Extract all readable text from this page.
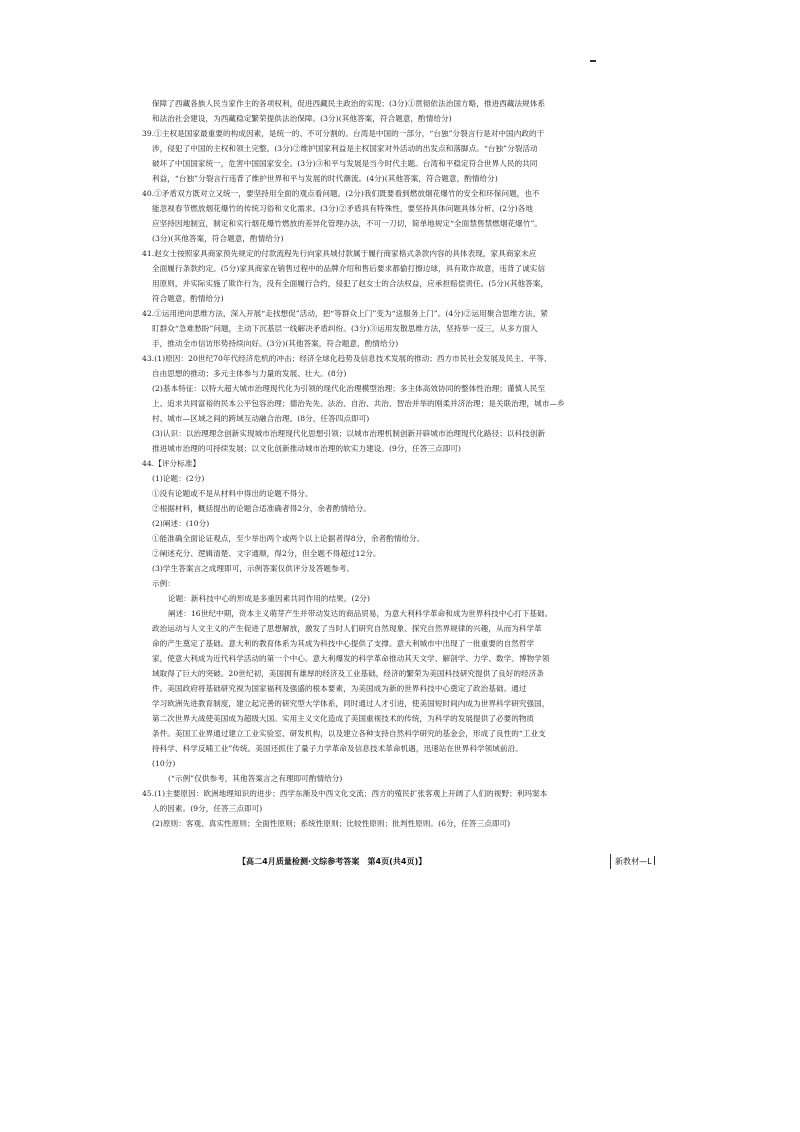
保障了西藏各族人民当家作主的各项权利，促进西藏民主政治的实现；(3分)①贯彻依法治国方略，推进西藏法规体系

和法治社会建设，为西藏稳定繁荣提供法治保障。(3分)(其他答案，符合题意，酌情给分)

39.①主权是国家最重要的构成因素，是统一的、不可分割的。台湾是中国的一部分，“台独”分裂言行是对中国内政的干

涉，侵犯了中国的主权和领土完整。(3分)②维护国家利益是主权国家对外活动的出发点和落脚点。“台独”分裂活动

破坏了中国国家统一，危害中国国家安全。(3分)③和平与发展是当今时代主题。台湾和平稳定符合世界人民的共同

利益，“台独”分裂言行违背了维护世界和平与发展的时代潮流。(4分)(其他答案，符合题意，酌情给分)

40.①矛盾双方既对立又统一，要坚持用全面的观点看问题。(2分)我们既要看到燃放烟花爆竹的安全和环保问题，也不

能忽视春节燃放烟花爆竹的传统习俗和文化需求。(3分)②矛盾具有特殊性，要坚持具体问题具体分析。(2分)各地

应坚持因地制宜，制定和实行烟花爆竹燃放的差异化管理办法，不可一刀切，简单地规定“全面禁售禁燃烟花爆竹”。

(3分)(其他答案，符合题意，酌情给分)

41.赵女士按照家具商家预先规定的付款流程先行向家具城付款属于履行商家格式条款内容的具体表现，家具商家未应

全面履行条款约定。(5分)家具商家在销售过程中的品牌介绍和售后要求都偷打擦边球，具有欺诈故意，违背了诚实信

用原则，并实际实施了欺诈行为，没有全面履行合约，侵犯了赵女士的合法权益，应承担赔偿责任。(5分)(其他答案，

符合题意，酌情给分)

42.①运用逆向思维方法，深入开展“走找想促”活动，把“等群众上门”变为“送服务上门”。(4分)②运用聚合思维方法，紧

盯群众“急难愁盼”问题，主动下沉基层一线解决矛盾纠纷。(3分)③运用发散思维方法，坚持举一反三，从多方面入

手，推动全市信访形势持续向好。(3分)(其他答案，符合题意，酌情给分)

43.(1)原因：20世纪70年代经济危机的冲击；经济全球化趋势及信息技术发展的推动；西方市民社会发展及民主、平等、

自由思想的推动；多元主体参与力量的发展、壮大。(8分)

(2)基本特征：以特大超大城市治理现代化为引领的现代化治理模型治理；多主体高效协同的整体性治理；谨慎人民至

上、追求共同富裕的民本公平包容治理；德治先先、法治、自治、共治、智治并举的刚柔并济治理；是关联治理，城市—乡

村、城市—区域之间的跨域互动融合治理。(8分，任答四点即可)

(3)认识：以治理理念创新实现城市治理现代化思想引领；以城市治理机制创新开辟城市治理现代化路径；以科技创新

推进城市治理的可持续发展；以文化创新推动城市治理的软实力建设。(9分，任答三点即可)

44.【评分标准】

(1)论题：(2分)

①没有论题或不是从材料中得出的论题不得分。

②根据材料，概括提出的论题合适准确者得2分，余者酌情给分。

(2)阐述：(10分)

①能准确全面论证观点，至少举出两个或两个以上论据者得8分，余者酌情给分。

②阐述充分、逻辑清楚、文字通顺，得2分，但全题不得超过12分。

(3)学生答案言之成理即可，示例答案仅供评分及答题参考。

示例：

论题：新科技中心的形成是多重因素共同作用的结果。(2分)

阐述：16世纪中期，资本主义萌芽产生并带动发达的商品贸易，为意大利科学革命和成为世界科技中心打下基础。

政治运动与人文主义的产生促进了思想解放，激发了当时人们研究自然现象、探究自然界规律的兴趣，从而为科学革

命的产生奠定了基础。意大利的教育体系为其成为科技中心提供了支撑。意大利城市中出现了一批重要的自然哲学

家，使意大利成为近代科学活动的第一个中心。意大利爆发的科学革命推动其天文学、解剖学、力学、数学、博物学领

域取得了巨大的突破。20世纪初，美国拥有雄厚的经济及工业基础，经济的繁荣为美国科技研究提供了良好的经济条

件。美国政府将基础研究视为国家福利及强盛的根本要素，为美国成为新的世界科技中心奠定了政治基础。通过

学习欧洲先进教育制度，建立起完善的研究型大学体系，同时通过人才引进，使美国短时间内成为世界科学研究强国，

第二次世界大战使美国成为超级大国。实用主义文化造成了美国重视技术的传统，为科学的发展提供了必要的物质

条件。美国工业界通过建立工业实验室、研发机构，以及建立各种支持自然科学研究的基金会，形成了良性的“工业支

持科学、科学反哺工业”传统。美国还抓住了量子力学革命及信息技术革命机遇，迅速站在世界科学领域前沿。

(10分)

(“示例”仅供参考，其他答案言之有理即可酌情给分)

45.(1)主要原因：欧洲地理知识的进步；西学东渐及中西文化交流；西方的殖民扩张客观上开阔了人们的视野；利玛窦本

人的因素。(9分，任答三点即可)

(2)原则：客观、真实性原则；全面性原则；系统性原则；比较性原则；批判性原则。(6分，任答三点即可)

【高二4月质量检测·文综参考答案　第4页(共4页)】	新教材—L
